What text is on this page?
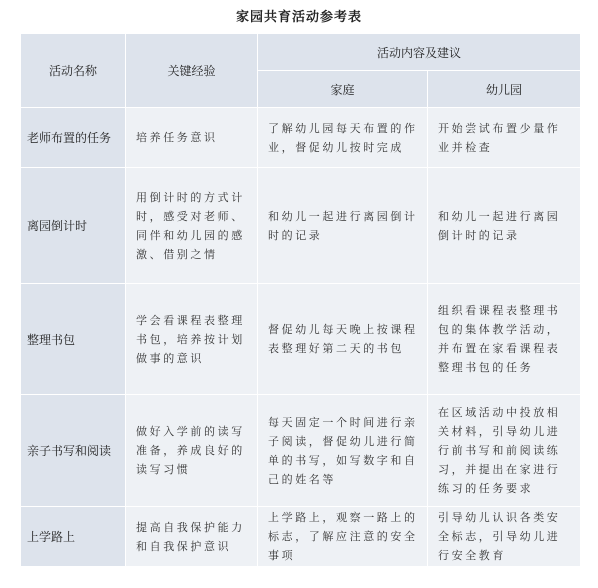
家园共育活动参考表
活动名称	关键经验	活动内容及建议	
		家庭	幼儿园
老师布置的任务	培养任务意识	了解幼儿园每天布置的作业，督促幼儿按时完成	开始尝试布置少量作业并检查
离园倒计时	用倒计时的方式计时，感受对老师、同伴和幼儿园的感激、借别之情	和幼儿一起进行离园倒计时的记录	和幼儿一起进行离园倒计时的记录
整理书包	学会看课程表整理书包，培养按计划做事的意识	督促幼儿每天晚上按课程表整理好第二天的书包	组织看课程表整理书包的集体教学活动，并布置在家看课程表整理书包的任务
亲子书写和阅读	做好入学前的读写准备，养成良好的读写习惯	每天固定一个时间进行亲子阅读，督促幼儿进行简单的书写，如写数字和自己的姓名等	在区域活动中投放相关材料，引导幼儿进行前书写和前阅读练习，并提出在家进行练习的任务要求
上学路上	提高自我保护能力和自我保护意识	上学路上，观察一路上的标志，了解应注意的安全事项	引导幼儿认识各类安全标志，引导幼儿进行安全教育
